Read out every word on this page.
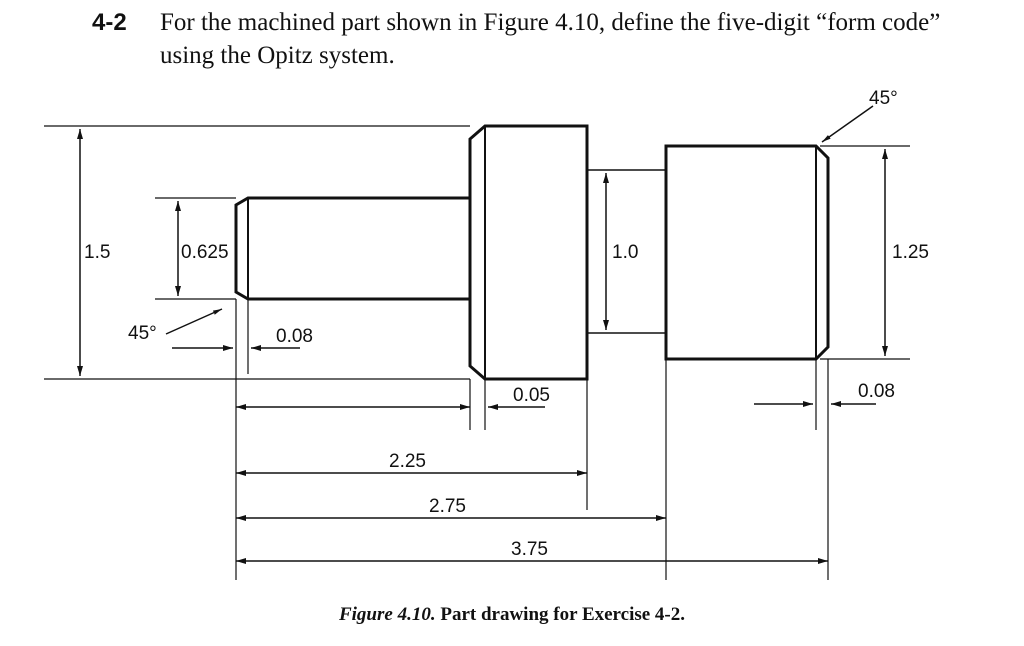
4-2 For the machined part shown in Figure 4.10, define the five-digit “form code” using the Opitz system.
1.5	0.625	1.0	1.25
45°
45°
0.08
0.05	0.08
2.25
2.75
3.75
Figure 4.10. Part drawing for Exercise 4-2.
